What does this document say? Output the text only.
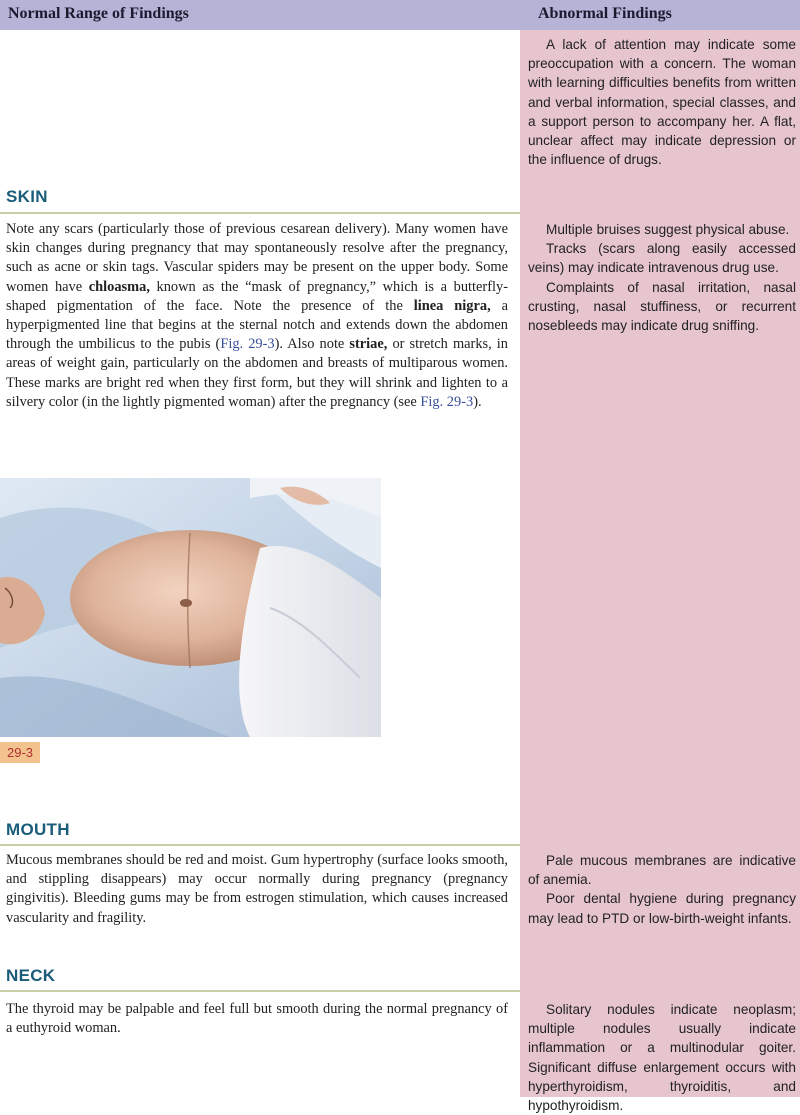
Normal Range of Findings	Abnormal Findings

A lack of attention may indicate some preoccupation with a concern. The woman with learning difficulties benefits from written and verbal information, special classes, and a support person to accompany her. A flat, unclear affect may indicate depression or the influence of drugs.

SKIN

Note any scars (particularly those of previous cesarean delivery). Many women have skin changes during pregnancy that may spontaneously resolve after the pregnancy, such as acne or skin tags. Vascular spiders may be present on the upper body. Some women have chloasma, known as the “mask of pregnancy,” which is a butterfly-shaped pigmentation of the face. Note the presence of the linea nigra, a hyperpigmented line that begins at the sternal notch and extends down the abdomen through the umbilicus to the pubis (Fig. 29-3). Also note striae, or stretch marks, in areas of weight gain, particularly on the abdomen and breasts of multiparous women. These marks are bright red when they first form, but they will shrink and lighten to a silvery color (in the lightly pigmented woman) after the pregnancy (see Fig. 29-3).

Multiple bruises suggest physical abuse.

Tracks (scars along easily accessed veins) may indicate intravenous drug use.

Complaints of nasal irritation, nasal crusting, nasal stuffiness, or recurrent nosebleeds may indicate drug sniffing.

29-3
MOUTH

Mucous membranes should be red and moist. Gum hypertrophy (surface looks smooth, and stippling disappears) may occur normally during pregnancy (pregnancy gingivitis). Bleeding gums may be from estrogen stimulation, which causes increased vascularity and fragility.

Pale mucous membranes are indicative of anemia.

Poor dental hygiene during pregnancy may lead to PTD or low-birth-weight infants.

NECK

The thyroid may be palpable and feel full but smooth during the normal pregnancy of a euthyroid woman.

Solitary nodules indicate neoplasm; multiple nodules usually indicate inflammation or a multinodular goiter. Significant diffuse enlargement occurs with hyperthyroidism, thyroiditis, and hypothyroidism.
